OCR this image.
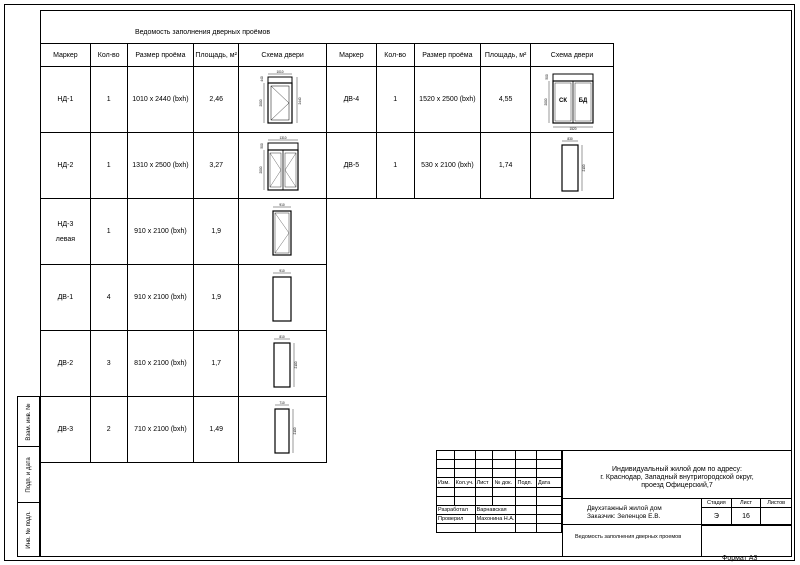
Взам. инв. №
Подп. и дата
Инв. № подл.
Ведомость заполнения дверных проёмов
Маркер	Кол-во	Размер проёма	Площадь, м²	Схема двери
НД-1	1	1010 x 2440 (bxh)	2,46	1010
2000 2440
440

НД-2	1	1310 x 2500 (bxh)	3,27	1310
2000
500

НД-3
левая	1	910 x 2100 (bxh)	1,9	910

ДВ-1	4	910 x 2100 (bxh)	1,9	910

ДВ-2	3	810 x 2100 (bxh)	1,7	810
2100

ДВ-3	2	710 x 2100 (bxh)	1,49	710
2100
Маркер	Кол-во	Размер проёма	Площадь, м²	Схема двери
ДВ-4	1	1520 x 2500 (bxh)	4,55	СК БД
1520
2000
500

ДВ-5	1	530 x 2100 (bxh)	1,74	830
2100

Изм.	Кол.уч.	Лист	№ док.	Подп.	Дата

Разработал		Варнавская			
Проверил		Махонина Н.А.			

Индивидуальный жилой дом по адресу:
г. Краснодар, Западный внутригородской округ,
проезд Офицерский,7
Двухэтажный жилой дом
Заказчик: Зеленцов Е.В.
Стадия	Лист	Листов
Э	16	
Ведомость заполнения дверных проемов
Формат А3
